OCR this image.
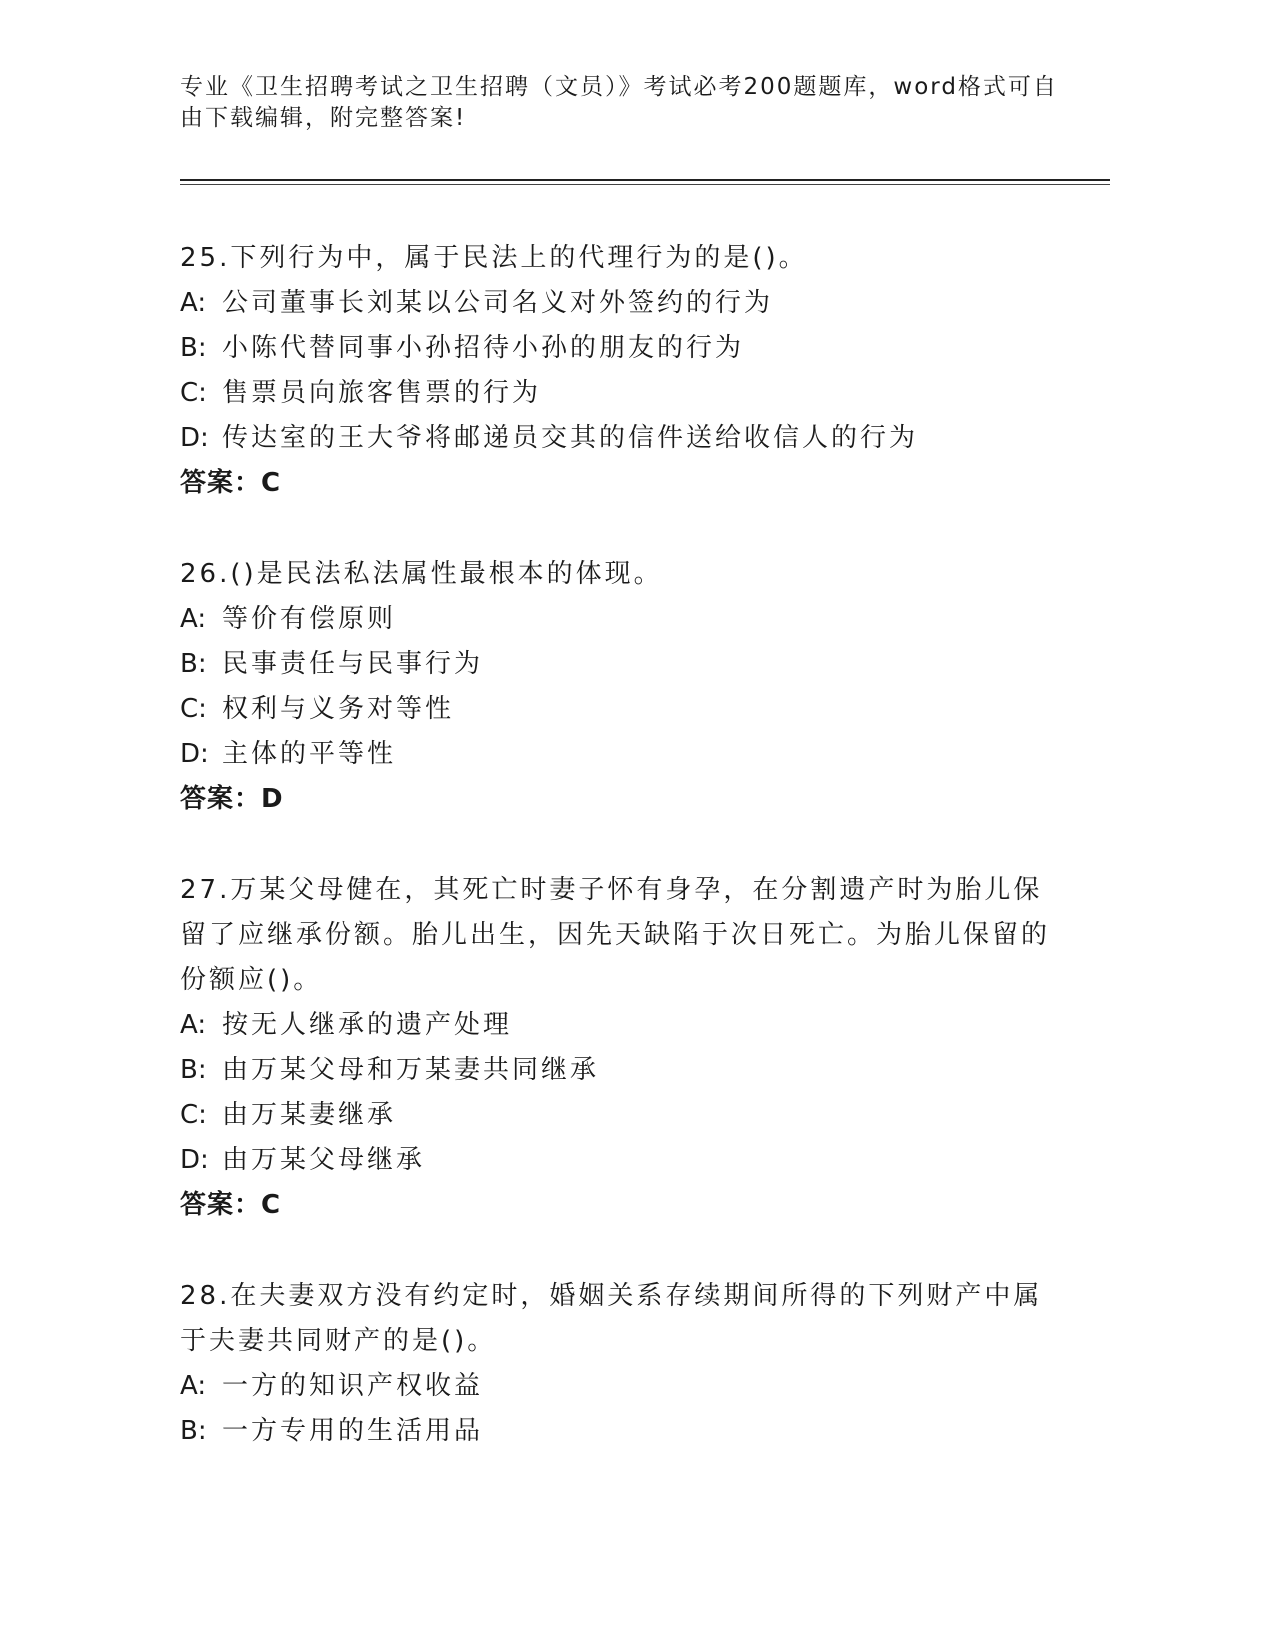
专业《卫生招聘考试之卫生招聘（文员）》考试必考200题题库，word格式可自由下载编辑，附完整答案!
25.下列行为中，属于民法上的代理行为的是()。
A: 公司董事长刘某以公司名义对外签约的行为
B: 小陈代替同事小孙招待小孙的朋友的行为
C: 售票员向旅客售票的行为
D: 传达室的王大爷将邮递员交其的信件送给收信人的行为
答案：C
26.()是民法私法属性最根本的体现。
A: 等价有偿原则
B: 民事责任与民事行为
C: 权利与义务对等性
D: 主体的平等性
答案：D
27.万某父母健在，其死亡时妻子怀有身孕，在分割遗产时为胎儿保留了应继承份额。胎儿出生，因先天缺陷于次日死亡。为胎儿保留的份额应()。
A: 按无人继承的遗产处理
B: 由万某父母和万某妻共同继承
C: 由万某妻继承
D: 由万某父母继承
答案：C
28.在夫妻双方没有约定时，婚姻关系存续期间所得的下列财产中属于夫妻共同财产的是()。
A: 一方的知识产权收益
B: 一方专用的生活用品
